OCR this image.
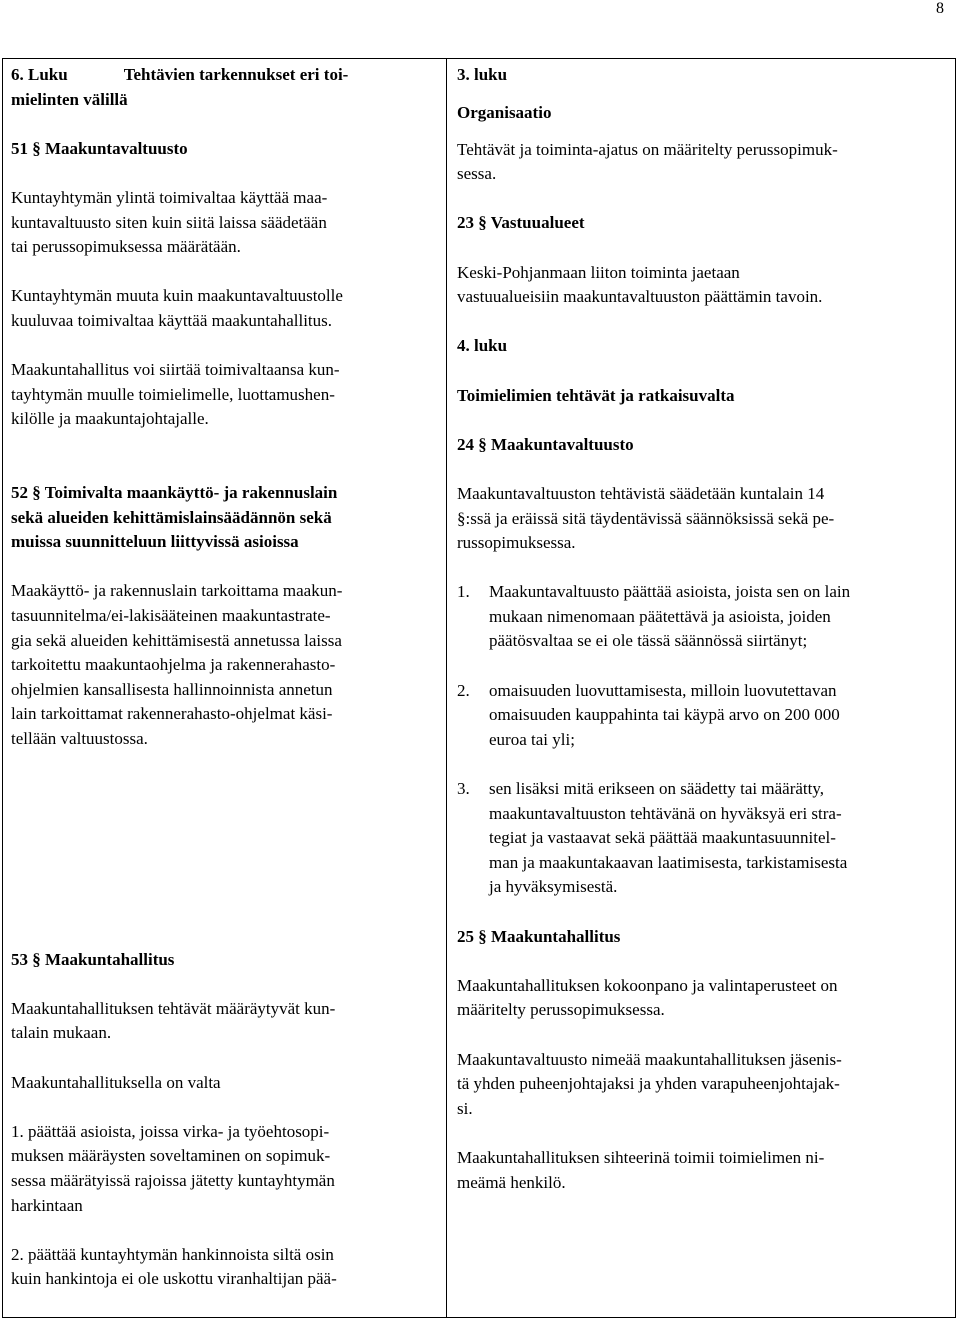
8

6. Luku	Tehtävien tarkennukset eri toi-

mielinten välillä

51 § Maakuntavaltuusto

Kuntayhtymän ylintä toimivaltaa käyttää maa-

kuntavaltuusto siten kuin siitä laissa säädetään

tai perussopimuksessa määrätään.

Kuntayhtymän muuta kuin maakuntavaltuustolle

kuuluvaa toimivaltaa käyttää maakuntahallitus.

Maakuntahallitus voi siirtää toimivaltaansa kun-

tayhtymän muulle toimielimelle, luottamushen-

kilölle ja maakuntajohtajalle.

52 § Toimivalta maankäyttö- ja rakennuslain

sekä alueiden kehittämislainsäädännön sekä

muissa suunnitteluun liittyvissä asioissa

Maakäyttö- ja rakennuslain tarkoittama maakun-

tasuunnitelma/ei-lakisääteinen maakuntastrate-

gia sekä alueiden kehittämisestä annetussa laissa

tarkoitettu maakuntaohjelma ja rakennerahasto-

ohjelmien kansallisesta hallinnoinnista annetun

lain tarkoittamat rakennerahasto-ohjelmat käsi-

tellään valtuustossa.

53 § Maakuntahallitus

Maakuntahallituksen tehtävät määräytyvät kun-

talain mukaan.

Maakuntahallituksella on valta

1. päättää asioista, joissa virka- ja työehtosopi-

muksen määräysten soveltaminen on sopimuk-

sessa määrätyissä rajoissa jätetty kuntayhtymän

harkintaan

2. päättää kuntayhtymän hankinnoista siltä osin

kuin hankintoja ei ole uskottu viranhaltijan pää-

3. luku

Organisaatio

Tehtävät ja toiminta-ajatus on määritelty perussopimuk-

sessa.

23 § Vastuualueet

Keski-Pohjanmaan liiton toiminta jaetaan

vastuualueisiin maakuntavaltuuston päättämin tavoin.

4. luku

Toimielimien tehtävät ja ratkaisuvalta

24 § Maakuntavaltuusto

Maakuntavaltuuston tehtävistä säädetään kuntalain 14

§:ssä ja eräissä sitä täydentävissä säännöksissä sekä pe-

russopimuksessa.

1.	Maakuntavaltuusto päättää asioista, joista sen on lain

mukaan nimenomaan päätettävä ja asioista, joiden

päätösvaltaa se ei ole tässä säännössä siirtänyt;

2.	omaisuuden luovuttamisesta, milloin luovutettavan

omaisuuden kauppahinta tai käypä arvo on 200 000

euroa tai yli;

3.	sen lisäksi mitä erikseen on säädetty tai määrätty,

maakuntavaltuuston tehtävänä on hyväksyä eri stra-

tegiat ja vastaavat sekä päättää maakuntasuunnitel-

man ja maakuntakaavan laatimisesta, tarkistamisesta

ja hyväksymisestä.

25 § Maakuntahallitus

Maakuntahallituksen kokoonpano ja valintaperusteet on

määritelty perussopimuksessa.

Maakuntavaltuusto nimeää maakuntahallituksen jäsenis-

tä yhden puheenjohtajaksi ja yhden varapuheenjohtajak-

si.

Maakuntahallituksen sihteerinä toimii toimielimen ni-

meämä henkilö.
